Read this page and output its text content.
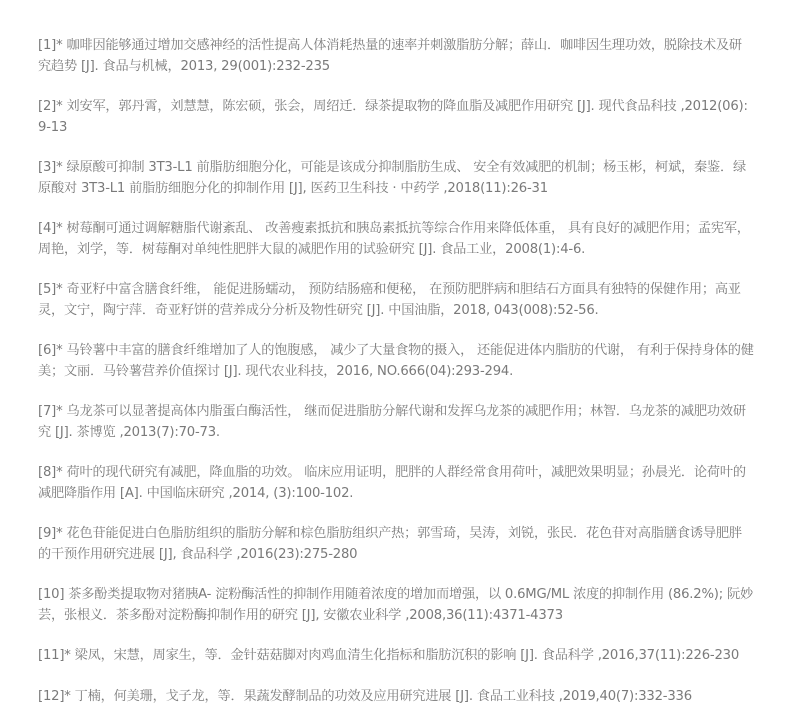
[1]* 咖啡因能够通过增加交感神经的活性提高人体消耗热量的速率并刺激脂肪分解；薛山．咖啡因生理功效，脱除技术及研究趋势 [J]. 食品与机械，2013, 29(001):232-235

[2]* 刘安军，郭丹霄，刘慧慧，陈宏硕，张会，周绍迁．绿茶提取物的降血脂及减肥作用研究 [J]. 现代食品科技 ,2012(06):9-13

[3]* 绿原酸可抑制 3T3-L1 前脂肪细胞分化，可能是该成分抑制脂肪生成、 安全有效减肥的机制；杨玉彬，柯斌，秦鉴．绿原酸对 3T3-L1 前脂肪细胞分化的抑制作用 [J], 医药卫生科技 · 中药学 ,2018(11):26-31

[4]* 树莓酮可通过调解糖脂代谢紊乱、 改善瘦素抵抗和胰岛素抵抗等综合作用来降低体重， 具有良好的减肥作用；孟宪军，周艳，刘学，等．树莓酮对单纯性肥胖大鼠的减肥作用的试验研究 [J]. 食品工业，2008(1):4-6.

[5]* 奇亚籽中富含膳食纤维， 能促进肠蠕动， 预防结肠癌和便秘， 在预防肥胖病和胆结石方面具有独特的保健作用；高亚灵，文宁，陶宁萍．奇亚籽饼的营养成分分析及物性研究 [J]. 中国油脂，2018, 043(008):52-56.

[6]* 马铃薯中丰富的膳食纤维增加了人的饱腹感， 减少了大量食物的摄入， 还能促进体内脂肪的代谢， 有利于保持身体的健美；文丽．马铃薯营养价值探讨 [J]. 现代农业科技，2016, NO.666(04):293-294.

[7]* 乌龙茶可以显著提高体内脂蛋白酶活性， 继而促进脂肪分解代谢和发挥乌龙茶的减肥作用；林智．乌龙茶的减肥功效研究 [J]. 茶博览 ,2013(7):70-73.

[8]* 荷叶的现代研究有减肥，降血脂的功效。 临床应用证明，肥胖的人群经常食用荷叶，减肥效果明显；孙晨光．论荷叶的减肥降脂作用 [A]. 中国临床研究 ,2014, (3):100-102.

[9]* 花色苷能促进白色脂肪组织的脂肪分解和棕色脂肪组织产热；郭雪琦，吴涛，刘锐，张民．花色苷对高脂膳食诱导肥胖的干预作用研究进展 [J], 食品科学 ,2016(23):275-280

[10] 茶多酚类提取物对猪胰A- 淀粉酶活性的抑制作用随着浓度的增加而增强，以 0.6MG/ML 浓度的抑制作用 (86.2%); 阮妙芸，张根义．茶多酚对淀粉酶抑制作用的研究 [J], 安徽农业科学 ,2008,36(11):4371-4373

[11]* 梁凤，宋慧，周家生，等．金针菇菇脚对肉鸡血清生化指标和脂肪沉积的影响 [J]. 食品科学 ,2016,37(11):226-230

[12]* 丁楠，何美珊，戈子龙，等．果蔬发酵制品的功效及应用研究进展 [J]. 食品工业科技 ,2019,40(7):332-336
